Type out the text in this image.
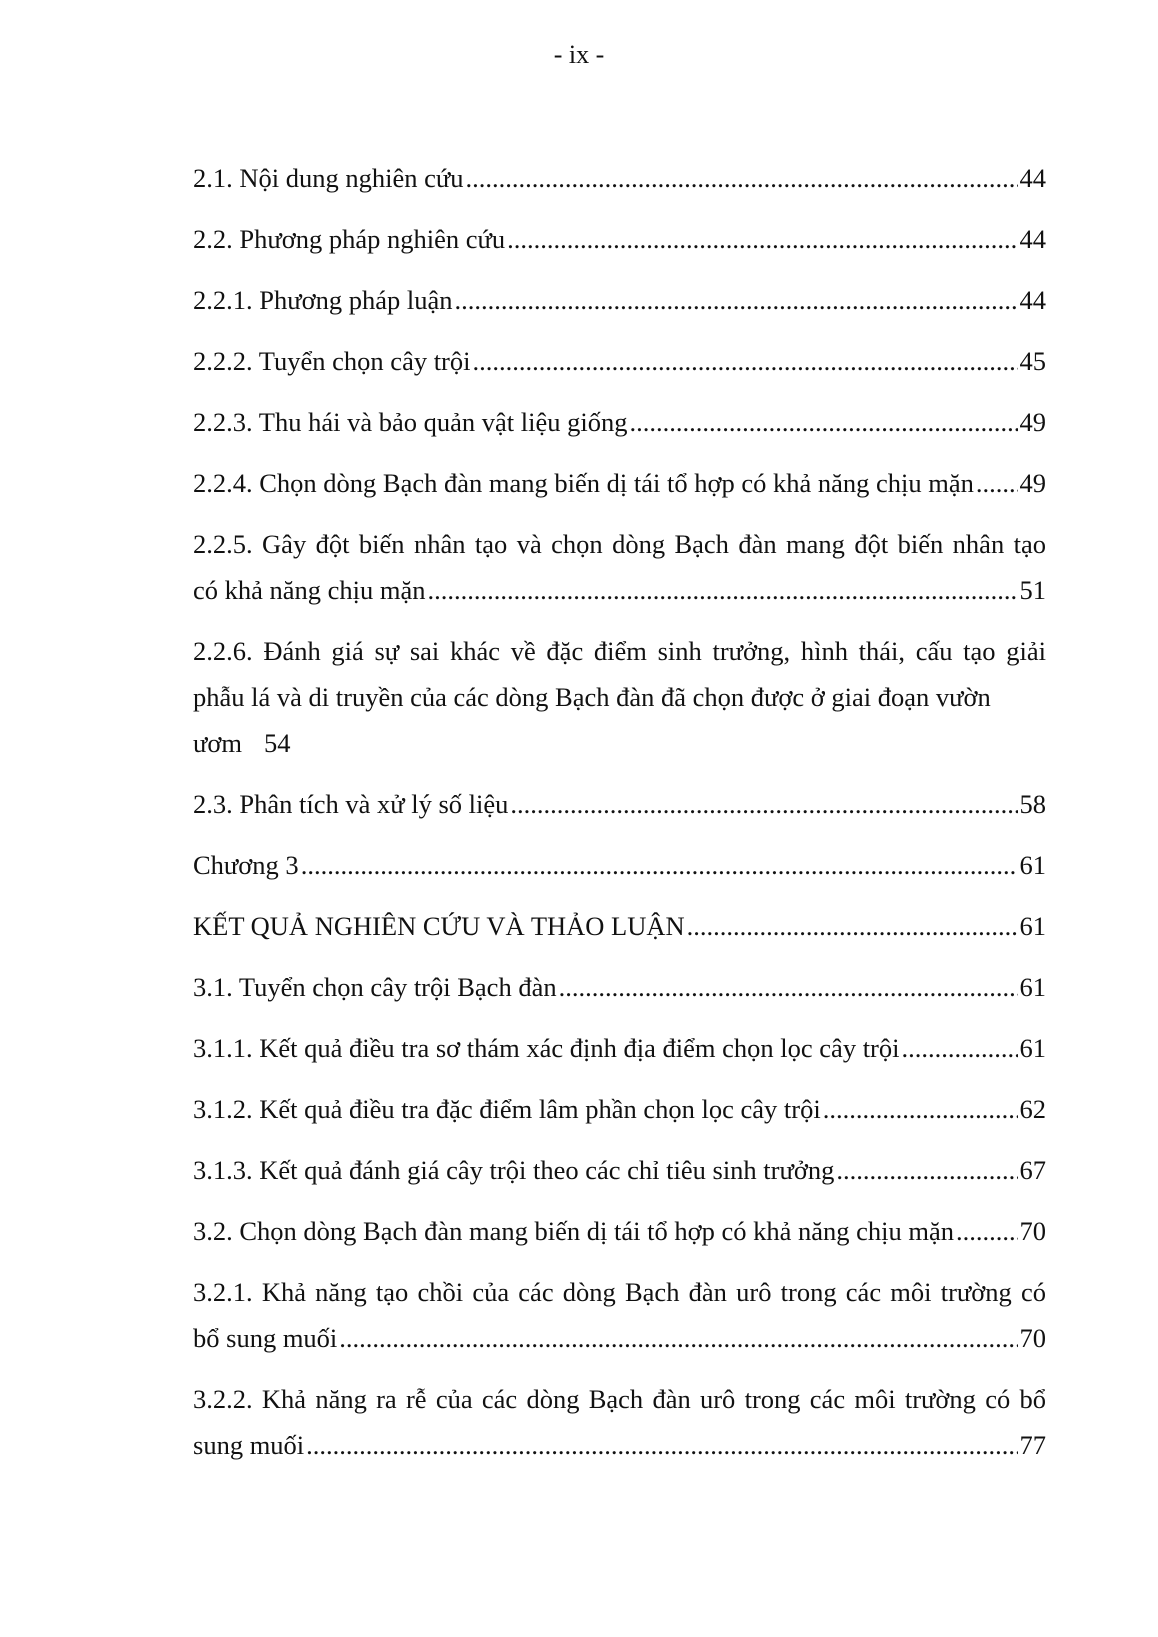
- ix -
2.1. Nội dung nghiên cứu .....	44
2.2. Phương pháp nghiên cứu .....	44
2.2.1. Phương pháp luận .....	44
2.2.2. Tuyển chọn cây trội .....	45
2.2.3. Thu hái và bảo quản vật liệu giống .....	49
2.2.4. Chọn dòng Bạch đàn mang biến dị tái tổ hợp có khả năng chịu mặn ..... 49
2.2.5. Gây đột biến nhân tạo và chọn dòng Bạch đàn mang đột biến nhân tạo
có khả năng chịu mặn .....	51
2.2.6. Đánh giá sự sai khác về đặc điểm sinh trưởng, hình thái, cấu tạo giải
phẫu lá và di truyền của các dòng Bạch đàn đã chọn được ở giai đoạn vườn
ươm 54
2.3. Phân tích và xử lý số liệu .....	58
Chương 3 .....	61
KẾT QUẢ NGHIÊN CỨU VÀ THẢO LUẬN .....	61
3.1. Tuyển chọn cây trội Bạch đàn .....	61
3.1.1. Kết quả điều tra sơ thám xác định địa điểm chọn lọc cây trội .....	61
3.1.2. Kết quả điều tra đặc điểm lâm phần chọn lọc cây trội .....	62
3.1.3. Kết quả đánh giá cây trội theo các chỉ tiêu sinh trưởng .....	67
3.2. Chọn dòng Bạch đàn mang biến dị tái tổ hợp có khả năng chịu mặn ..... 70
3.2.1. Khả năng tạo chồi của các dòng Bạch đàn urô trong các môi trường có
bổ sung muối .....	70
3.2.2. Khả năng ra rễ của các dòng Bạch đàn urô trong các môi trường có bổ
sung muối .....	77
